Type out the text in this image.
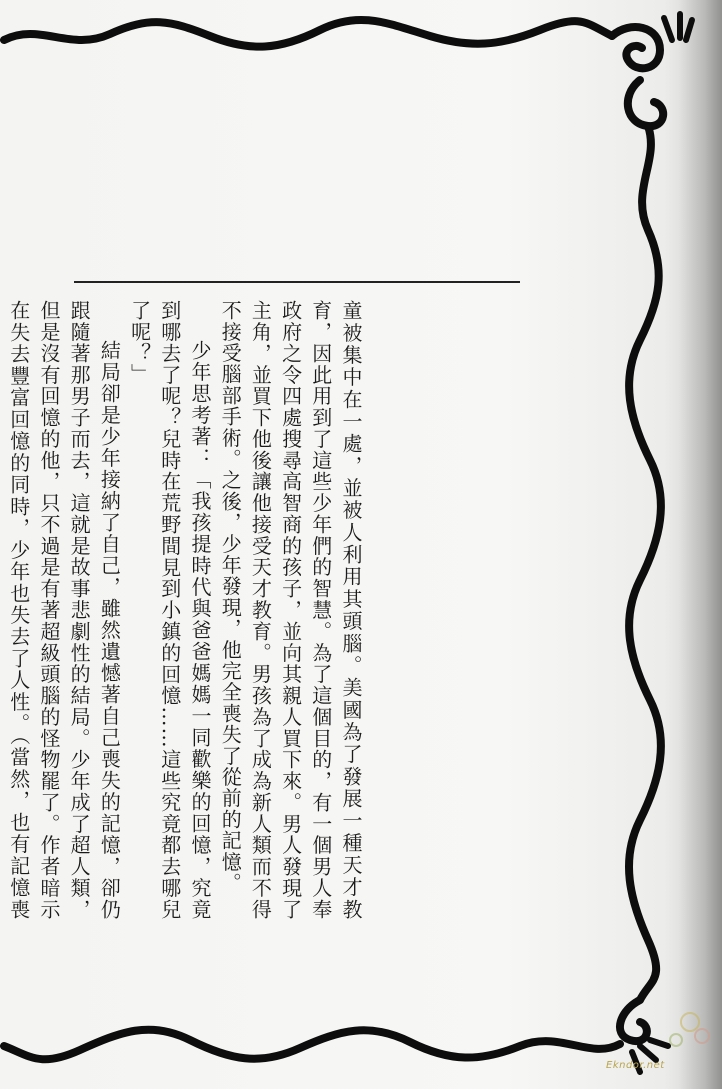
童被集中在一處，並被人利用其頭腦。美國為了發展一種天才教育，因此用到了這些少年們的智慧。為了這個目的，有一個男人奉政府之令四處搜尋高智商的孩子，並向其親人買下來。男人發現了主角，並買下他後讓他接受天才教育。男孩為了成為新人類而不得不接受腦部手術。之後，少年發現，他完全喪失了從前的記憶。

少年思考著：「我孩提時代與爸爸媽媽一同歡樂的回憶，究竟到哪去了呢？兒時在荒野間見到小鎮的回憶……這些究竟都去哪兒了呢？」

結局卻是少年接納了自己，雖然遺憾著自己喪失的記憶，卻仍跟隨著那男子而去，這就是故事悲劇性的結局。少年成了超人類，但是沒有回憶的他，只不過是有著超級頭腦的怪物罷了。作者暗示在失去豐富回憶的同時，少年也失去了人性。（當然，也有記憶喪

Ekndor.net
